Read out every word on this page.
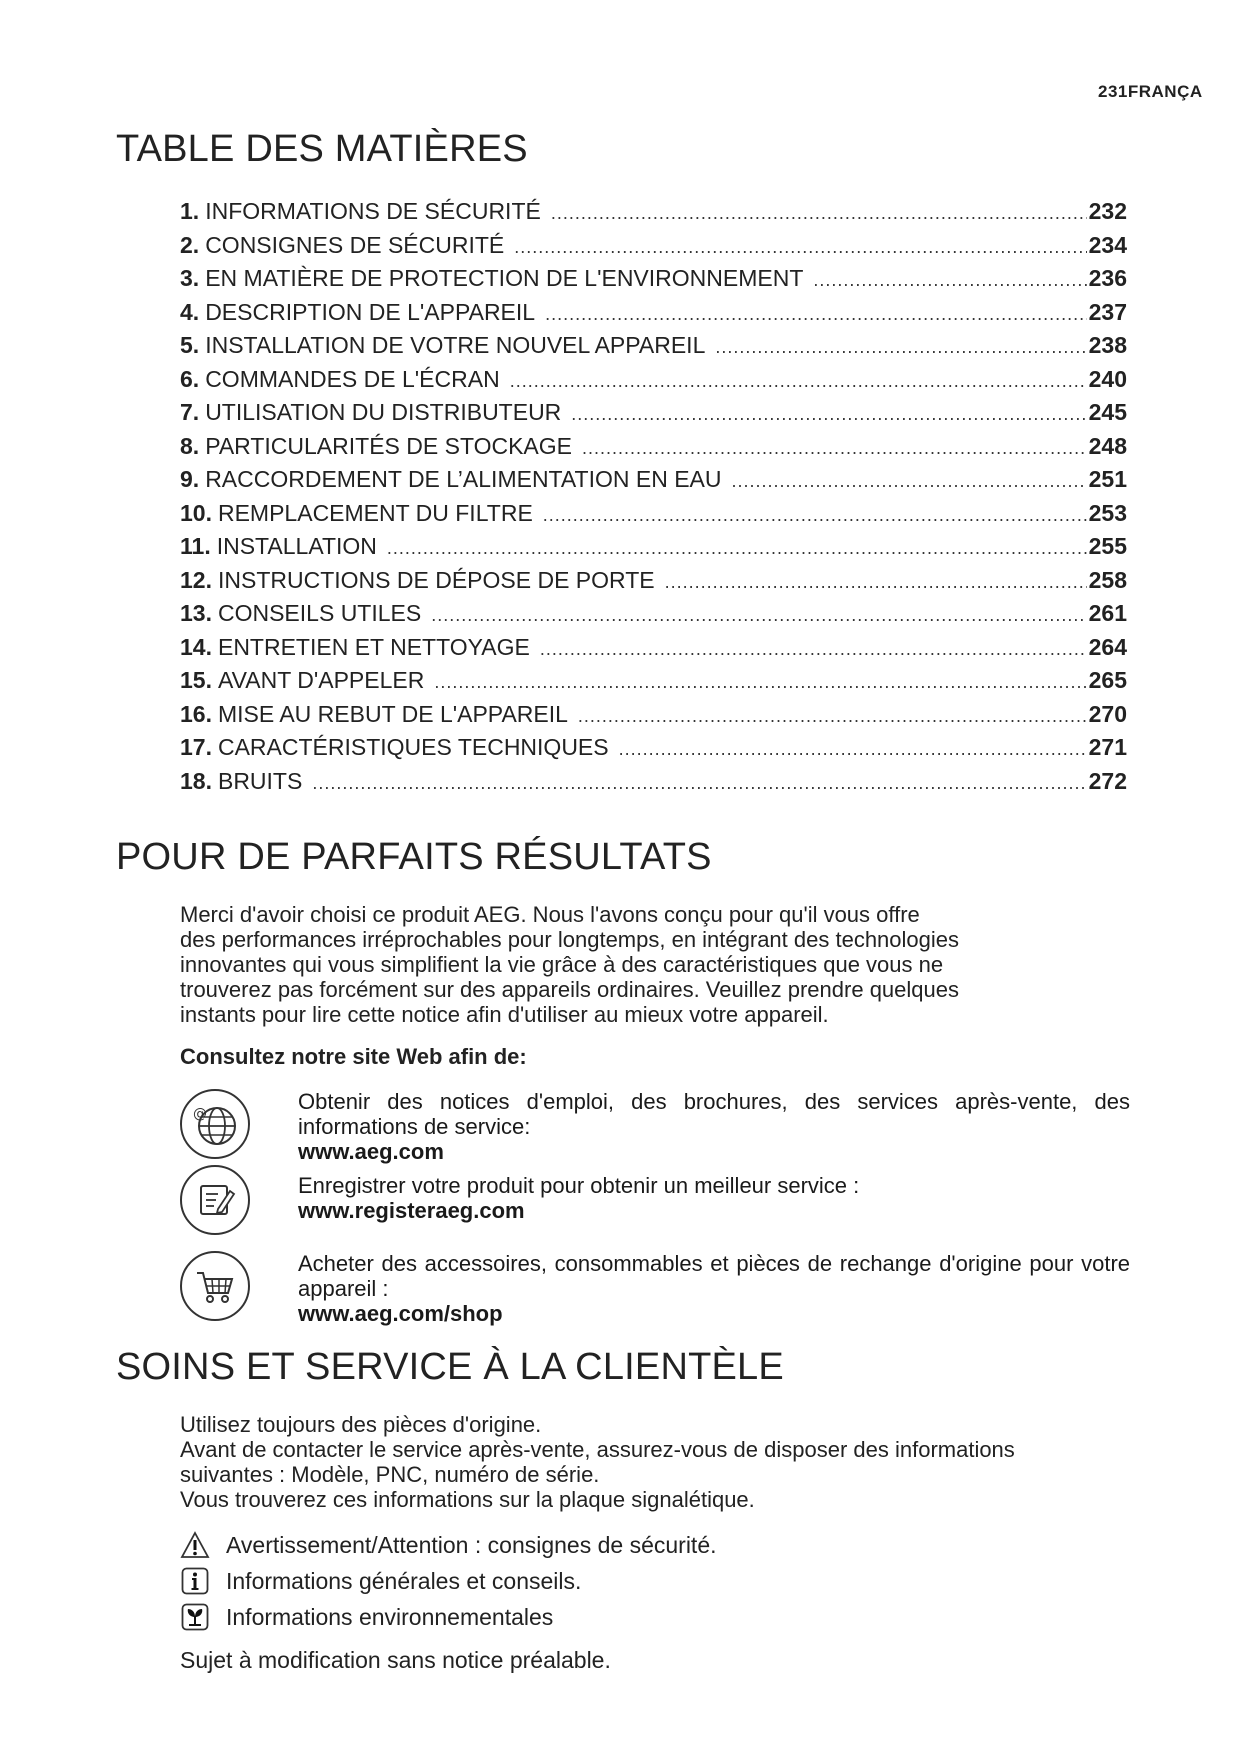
231FRANÇA
TABLE DES MATIÈRES
1. INFORMATIONS DE SÉCURITÉ .....	232
2. CONSIGNES DE SÉCURITÉ .....	234
3. EN MATIÈRE DE PROTECTION DE L'ENVIRONNEMENT .....	236
4. DESCRIPTION DE L'APPAREIL .....	237
5. INSTALLATION DE VOTRE NOUVEL APPAREIL .....	238
6. COMMANDES DE L'ÉCRAN .....	240
7. UTILISATION DU DISTRIBUTEUR .....	245
8. PARTICULARITÉS DE STOCKAGE .....	248
9. RACCORDEMENT DE L’ALIMENTATION EN EAU .....	251
10. REMPLACEMENT DU FILTRE .....	253
11. INSTALLATION .....	255
12. INSTRUCTIONS DE DÉPOSE DE PORTE .....	258
13. CONSEILS UTILES .....	261
14. ENTRETIEN ET NETTOYAGE .....	264
15. AVANT D'APPELER .....	265
16. MISE AU REBUT DE L'APPAREIL .....	270
17. CARACTÉRISTIQUES TECHNIQUES .....	271
18. BRUITS .....	272
POUR DE PARFAITS RÉSULTATS

Merci d'avoir choisi ce produit AEG. Nous l'avons conçu pour qu'il vous offre
des performances irréprochables pour longtemps, en intégrant des technologies
innovantes qui vous simplifient la vie grâce à des caractéristiques que vous ne
trouverez pas forcément sur des appareils ordinaires. Veuillez prendre quelques
instants pour lire cette notice afin d'utiliser au mieux votre appareil.

Consultez notre site Web afin de:

@	Obtenir des notices d'emploi, des brochures, des services après-vente, des informations de service:
www.aeg.com
Enregistrer votre produit pour obtenir un meilleur service :
www.registeraeg.com
Acheter des accessoires, consommables et pièces de rechange d'origine pour votre appareil :
www.aeg.com/shop
SOINS ET SERVICE À LA CLIENTÈLE

Utilisez toujours des pièces d'origine.
Avant de contacter le service après-vente, assurez-vous de disposer des informations
suivantes : Modèle, PNC, numéro de série.
Vous trouverez ces informations sur la plaque signalétique.

Avertissement/Attention : consignes de sécurité.
Informations générales et conseils.
Informations environnementales

Sujet à modification sans notice préalable.
